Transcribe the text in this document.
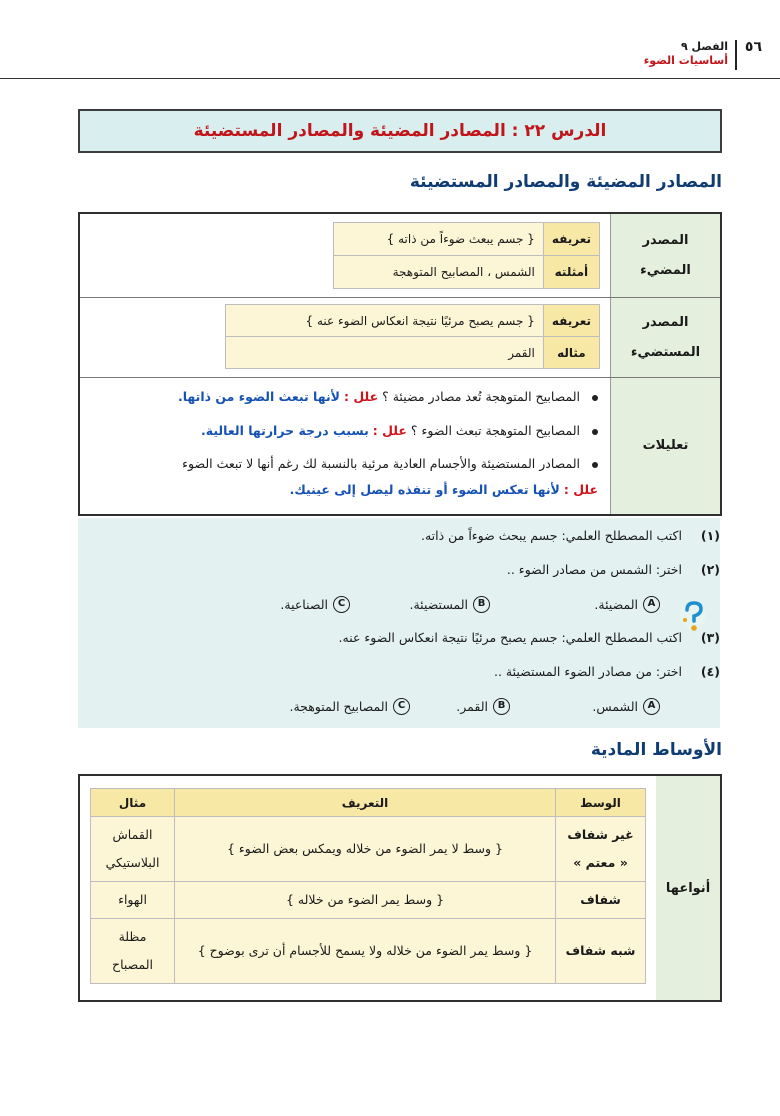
٥٦
الفصل ٩
أساسيات الضوء
الدرس ٢٢ : المصادر المضيئة والمصادر المستضيئة
المصادر المضيئة والمصادر المستضيئة
المصدر المضيء
تعريفه	{ جسم يبعث ضوءاً من ذاته }
أمثلته	الشمس ، المصابيح المتوهجة
المصدر المستضيء
تعريفه	{ جسم يصبح مرئيًا نتيجة انعكاس الضوء عنه }
مثاله	القمر
تعليلات
المصابيح المتوهجة تُعد مصادر مضيئة ؟ علل : لأنها تبعث الضوء من ذاتها.
المصابيح المتوهجة تبعث الضوء ؟ علل : بسبب درجة حرارتها العالية.
المصادر المستضيئة والأجسام العادية مرئية بالنسبة لك رغم أنها لا تبعث الضوء
علل : لأنها تعكس الضوء أو تنفذه ليصل إلى عينيك.
(١)اكتب المصطلح العلمي: جسم يبحث ضوءاً من ذاته.
(٢)اختر: الشمس من مصادر الضوء ..
A
المضيئة.
B
المستضيئة.
C
الصناعية.
(٣)اكتب المصطلح العلمي: جسم يصبح مرئيًا نتيجة انعكاس الضوء عنه.
(٤)اختر: من مصادر الضوء المستضيئة ..
A
الشمس.
B
القمر.
C
المصابيح المتوهجة.
الأوساط المادية
أنواعها
الوسط	التعريف	مثال
غير شفاف « معتم »	{ وسط لا يمر الضوء من خلاله ويمكس بعض الضوء }	القماش البلاستيكي
شفاف	{ وسط يمر الضوء من خلاله }	الهواء
شبه شفاف	{ وسط يمر الضوء من خلاله ولا يسمح للأجسام أن ترى بوضوح }	مظلة المصباح
